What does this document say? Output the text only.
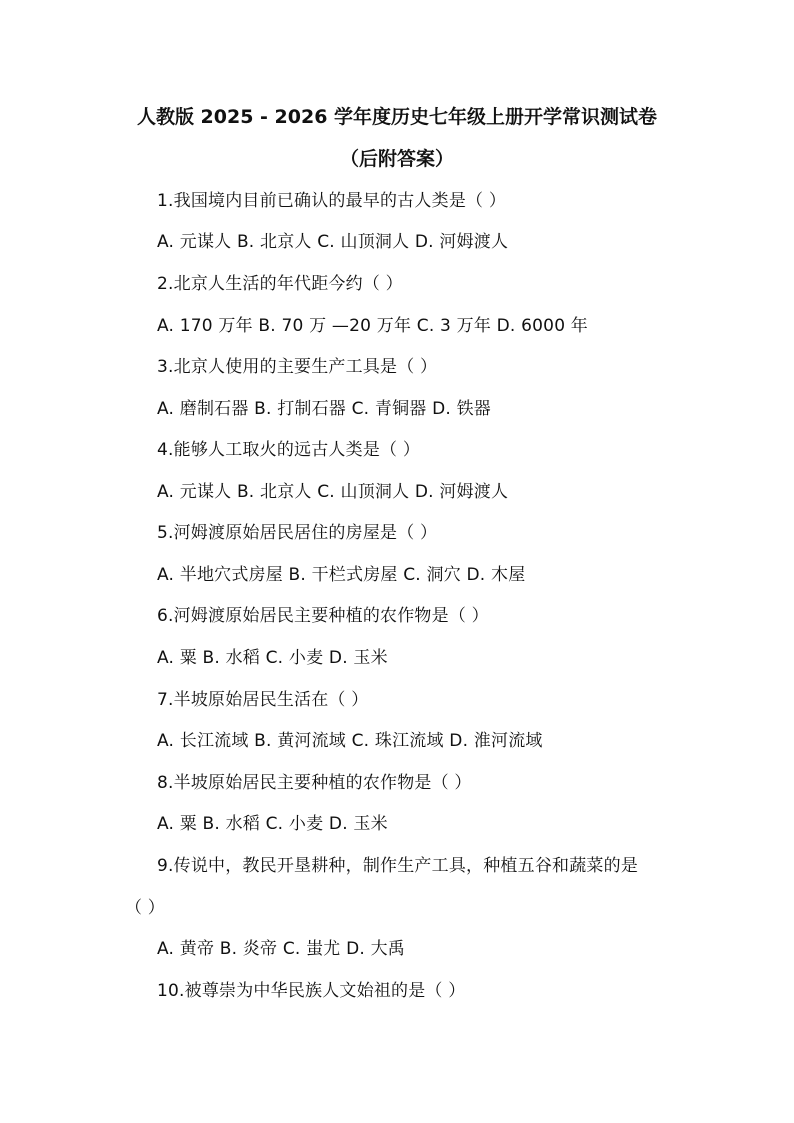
人教版 2025 - 2026 学年度历史七年级上册开学常识测试卷
（后附答案）
1.我国境内目前已确认的最早的古人类是（ ）
A. 元谋人 B. 北京人 C. 山顶洞人 D. 河姆渡人
2.北京人生活的年代距今约（ ）
A. 170 万年 B. 70 万 —20 万年 C. 3 万年 D. 6000 年
3.北京人使用的主要生产工具是（ ）
A. 磨制石器 B. 打制石器 C. 青铜器 D. 铁器
4.能够人工取火的远古人类是（ ）
A. 元谋人 B. 北京人 C. 山顶洞人 D. 河姆渡人
5.河姆渡原始居民居住的房屋是（ ）
A. 半地穴式房屋 B. 干栏式房屋 C. 洞穴 D. 木屋
6.河姆渡原始居民主要种植的农作物是（ ）
A. 粟 B. 水稻 C. 小麦 D. 玉米
7.半坡原始居民生活在（ ）
A. 长江流域 B. 黄河流域 C. 珠江流域 D. 淮河流域
8.半坡原始居民主要种植的农作物是（ ）
A. 粟 B. 水稻 C. 小麦 D. 玉米
9.传说中，教民开垦耕种，制作生产工具，种植五谷和蔬菜的是
（ ）
A. 黄帝 B. 炎帝 C. 蚩尤 D. 大禹
10.被尊崇为中华民族人文始祖的是（ ）
